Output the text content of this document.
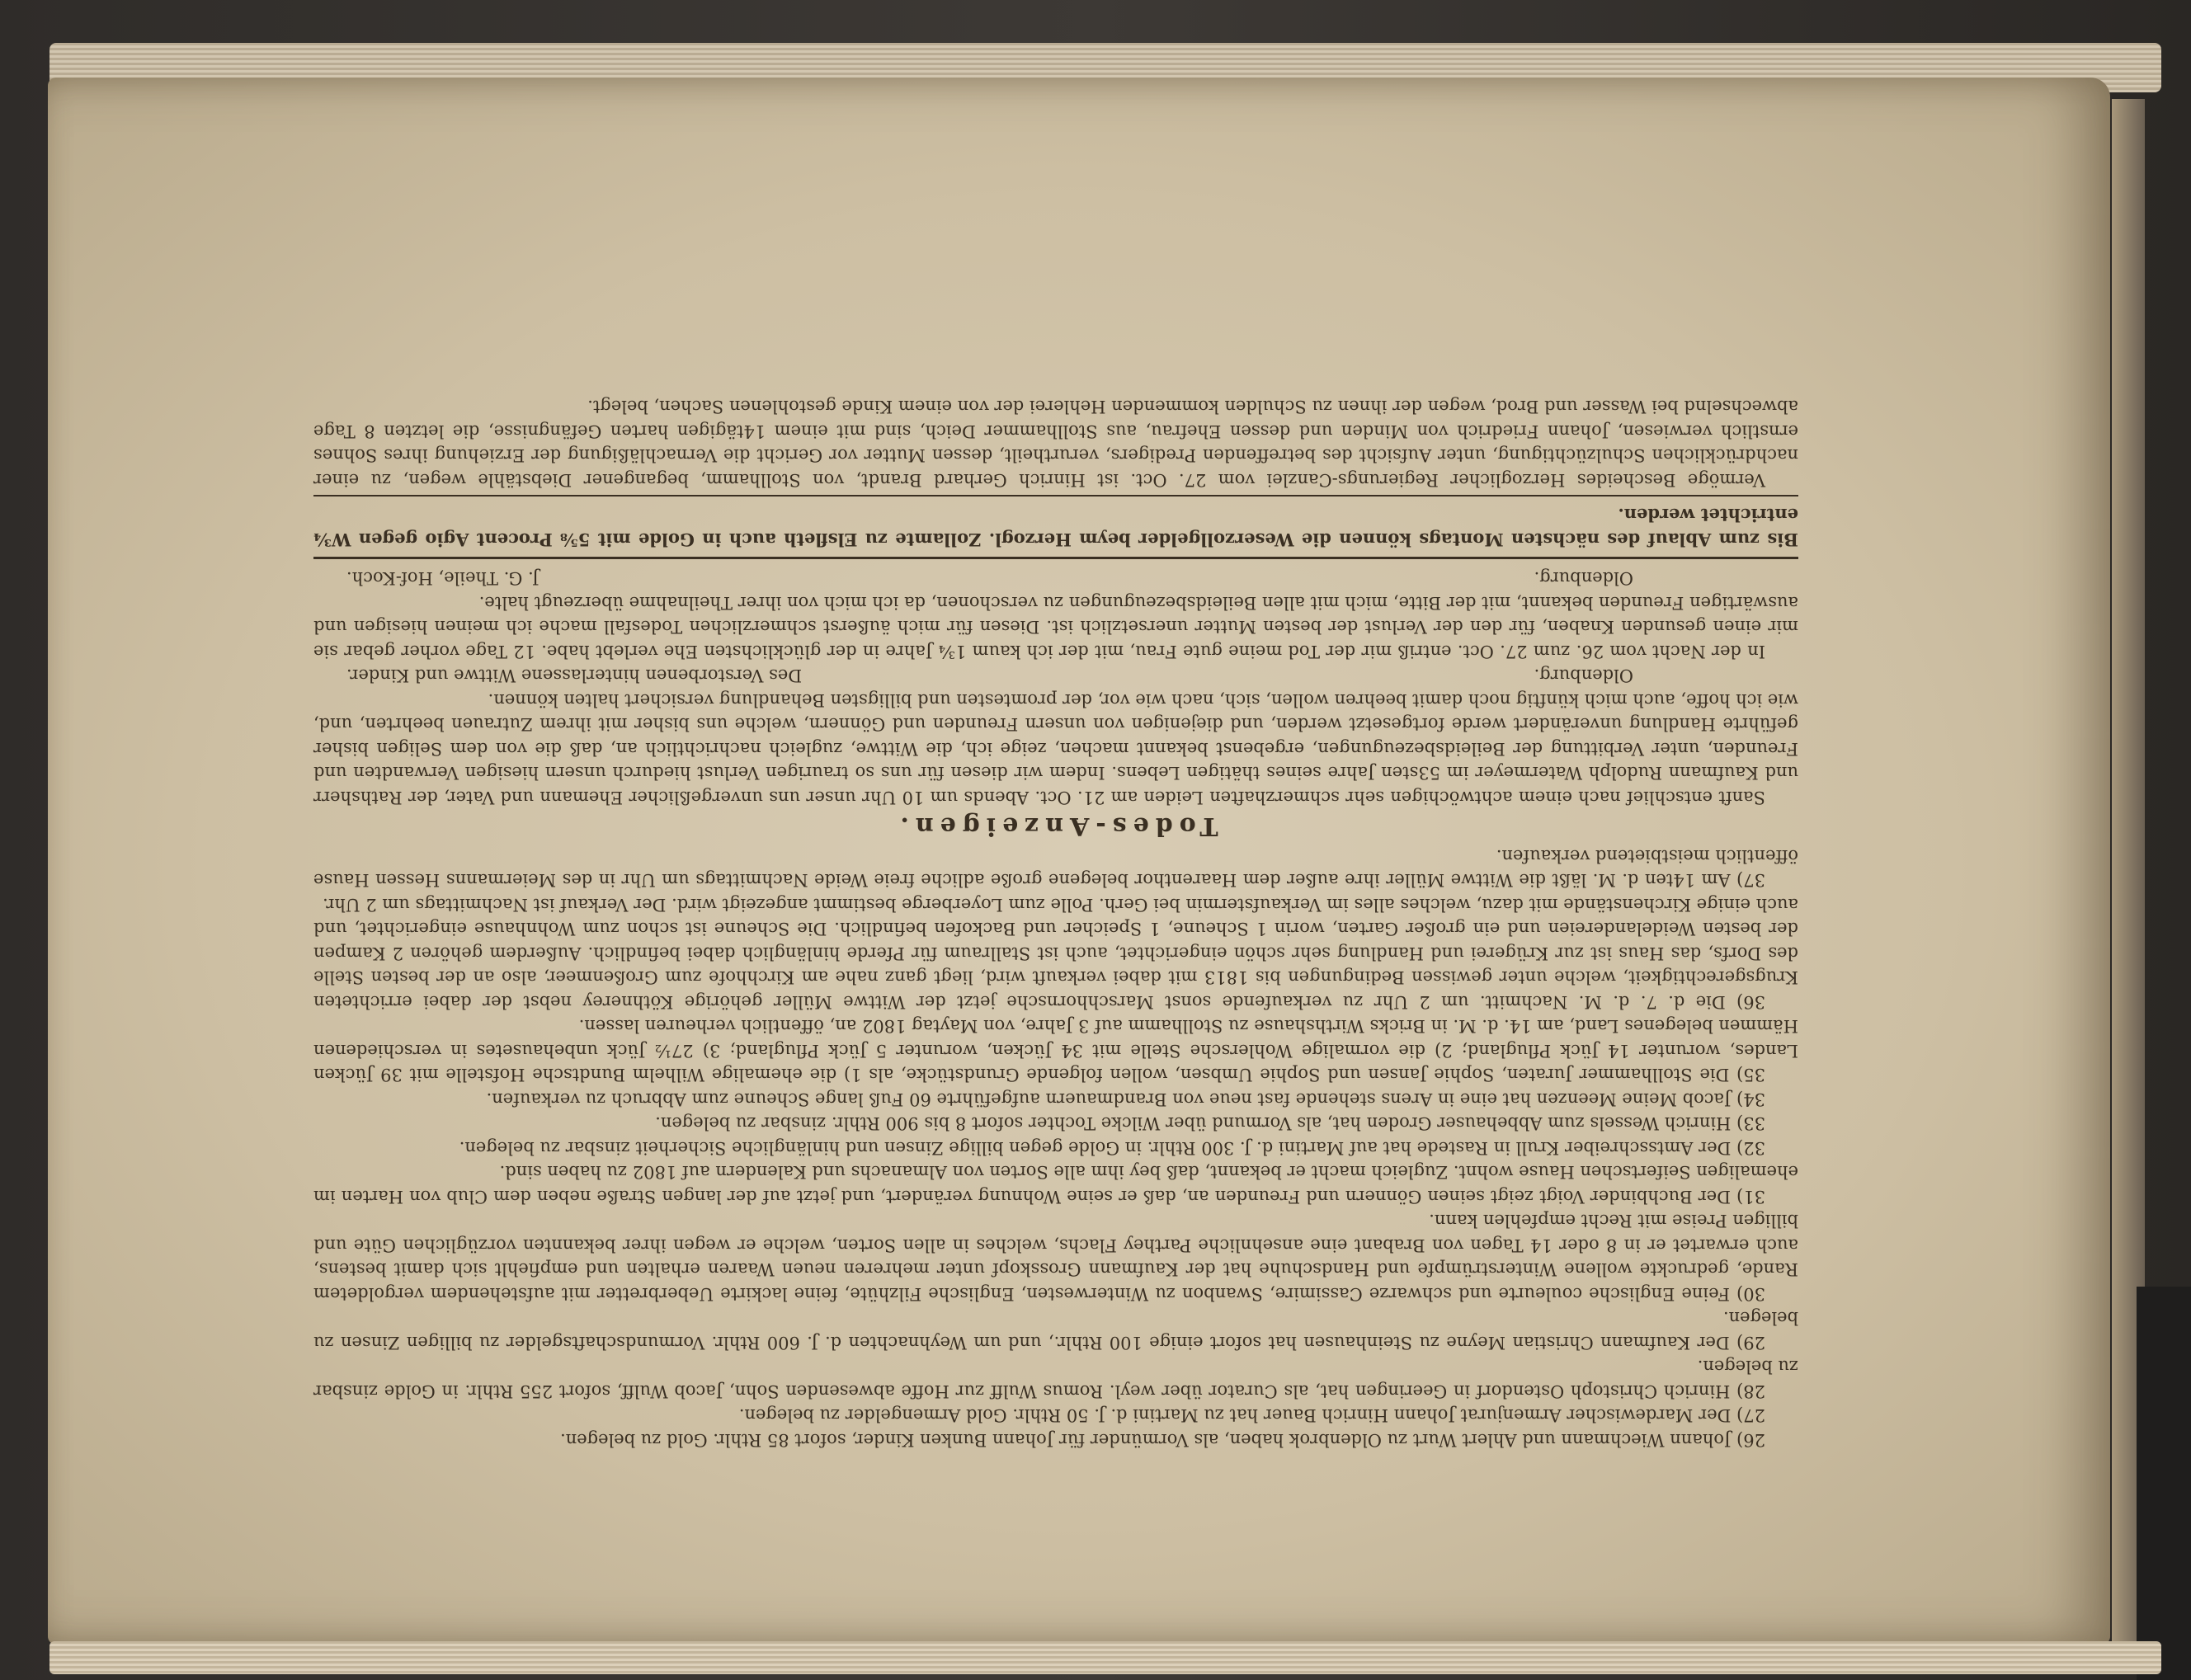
26) Johann Wiechmann und Ahlert Wurt zu Oldenbrok haben, als Vormünder für Johann Bunken Kinder, sofort 85 Rthlr. Gold zu belegen.

27) Der Mardewischer Armenjurat Johann Hinrich Bauer hat zu Martini d. J. 50 Rthlr. Gold Armengelder zu belegen.

28) Hinrich Christoph Ostendorf in Geeringen hat, als Curator über weyl. Romus Wulff zur Hoffe abwesenden Sohn, Jacob Wulff, sofort 255 Rthlr. in Golde zinsbar zu belegen.

29) Der Kaufmann Christian Meyne zu Steinhausen hat sofort einige 100 Rthlr., und um Weyhnachten d. J. 600 Rthlr. Vormundschaftsgelder zu billigen Zinsen zu belegen.

30) Feine Englische couleurte und schwarze Cassimire, Swanbon zu Winterwesten, Englische Filzhüte, feine lackirte Ueberbretter mit aufstehendem vergoldetem Rande, gedruckte wollene Winterstrümpfe und Handschuhe hat der Kaufmann Grosskopf unter mehreren neuen Waaren erhalten und empfiehlt sich damit bestens, auch erwartet er in 8 oder 14 Tagen von Brabant eine ansehnliche Parthey Flachs, welches in allen Sorten, welche er wegen ihrer bekannten vorzüglichen Güte und billigen Preise mit Recht empfehlen kann.

31) Der Buchbinder Voigt zeigt seinen Gönnern und Freunden an, daß er seine Wohnung verändert, und jetzt auf der langen Straße neben dem Club von Harten im ehemaligen Seifertschen Hause wohnt. Zugleich macht er bekannt, daß bey ihm alle Sorten von Almanachs und Kalendern auf 1802 zu haben sind.

32) Der Amtsschreiber Krull in Rastede hat auf Martini d. J. 300 Rthlr. in Golde gegen billige Zinsen und hinlängliche Sicherheit zinsbar zu belegen.

33) Hinrich Wessels zum Abbehauser Groden hat, als Vormund über Wilcke Tochter sofort 8 bis 900 Rthlr. zinsbar zu belegen.

34) Jacob Meine Meenzen hat eine in Arens stehende fast neue von Brandmauern aufgeführte 60 Fuß lange Scheune zum Abbruch zu verkaufen.

35) Die Stollhammer Juraten, Sophie Jansen und Sophie Umbsen, wollen folgende Grundstücke, als 1) die ehemalige Wilhelm Bundtsche Hofstelle mit 39 Jücken Landes, worunter 14 Jück Pflugland; 2) die vormalige Wohlersche Stelle mit 34 Jücken, worunter 5 Jück Pflugland; 3) 27½ Jück unbehausetes in verschiedenen Hämmen belegenes Land, am 14. d. M. in Bricks Wirthshause zu Stollhamm auf 3 Jahre, von Maytag 1802 an, öffentlich verheuren lassen.

36) Die d. 7. d. M. Nachmitt. um 2 Uhr zu verkaufende sonst Marschhornsche jetzt der Wittwe Müller gehörige Köthnerey nebst der dabei errichteten Krugsgerechtigkeit, welche unter gewissen Bedingungen bis 1813 mit dabei verkauft wird, liegt ganz nahe am Kirchhofe zum Großenmeer, also an der besten Stelle des Dorfs, das Haus ist zur Krügerei und Handlung sehr schön eingerichtet, auch ist Stallraum für Pferde hinlänglich dabei befindlich. Außerdem gehören 2 Kampen der besten Weidelandereien und ein großer Garten, worin 1 Scheune, 1 Speicher und Backofen befindlich. Die Scheune ist schon zum Wohnhause eingerichtet, und auch einige Kirchenstände mit dazu, welches alles im Verkaufstermin bei Gerh. Polle zum Loyerberge bestimmt angezeigt wird. Der Verkauf ist Nachmittags um 2 Uhr.

37) Am 14ten d. M. läßt die Wittwe Müller ihre außer dem Haarenthor belegene große adliche freie Weide Nachmittags um Uhr in des Meiermanns Hessen Hause öffentlich meistbietend verkaufen.

Todes-Anzeigen.

Sanft entschlief nach einem achtwöchigen sehr schmerzhaften Leiden am 21. Oct. Abends um 10 Uhr unser uns unvergeßlicher Ehemann und Vater, der Rathsherr und Kaufmann Rudolph Watermeyer im 53sten Jahre seines thätigen Lebens. Indem wir diesen für uns so traurigen Verlust hiedurch unsern hiesigen Verwandten und Freunden, unter Verbittung der Beileidsbezeugungen, ergebenst bekannt machen, zeige ich, die Wittwe, zugleich nachrichtlich an, daß die von dem Seligen bisher geführte Handlung unverändert werde fortgesetzt werden, und diejenigen von unsern Freunden und Gönnern, welche uns bisher mit ihrem Zutrauen beehrten, und, wie ich hoffe, auch mich künftig noch damit beehren wollen, sich, nach wie vor, der promtesten und billigsten Behandlung versichert halten können.

Oldenburg.
Des Verstorbenen hinterlassene Wittwe und Kinder.

In der Nacht vom 26. zum 27. Oct. entriß mir der Tod meine gute Frau, mit der ich kaum 1¾ Jahre in der glücklichsten Ehe verlebt habe. 12 Tage vorher gebar sie mir einen gesunden Knaben, für den der Verlust der besten Mutter unersetzlich ist. Diesen für mich äußerst schmerzlichen Todesfall mache ich meinen hiesigen und auswärtigen Freunden bekannt, mit der Bitte, mich mit allen Beileidsbezeugungen zu verschonen, da ich mich von ihrer Theilnahme überzeugt halte.

Oldenburg.
J. G. Theile, Hof-Koch.

Bis zum Ablauf des nächsten Montags können die Weserzollgelder beym Herzogl. Zollamte zu Elsfleth auch in Golde mit 5⅝ Procent Agio gegen W¾ entrichtet werden.

Vermöge Bescheides Herzoglicher Regierungs-Canzlei vom 27. Oct. ist Hinrich Gerhard Brandt, von Stollhamm, begangener Diebstähle wegen, zu einer nachdrücklichen Schulzüchtigung, unter Aufsicht des betreffenden Predigers, verurtheilt, dessen Mutter vor Gericht die Vernachläßigung der Erziehung ihres Sohnes ernstlich verwiesen, Johann Friedrich von Minden und dessen Ehefrau, aus Stollhammer Deich, sind mit einem 14tägigen harten Gefängnisse, die letzten 8 Tage abwechselnd bei Wasser und Brod, wegen der ihnen zu Schulden kommenden Hehlerei der von einem Kinde gestohlenen Sachen, belegt.
